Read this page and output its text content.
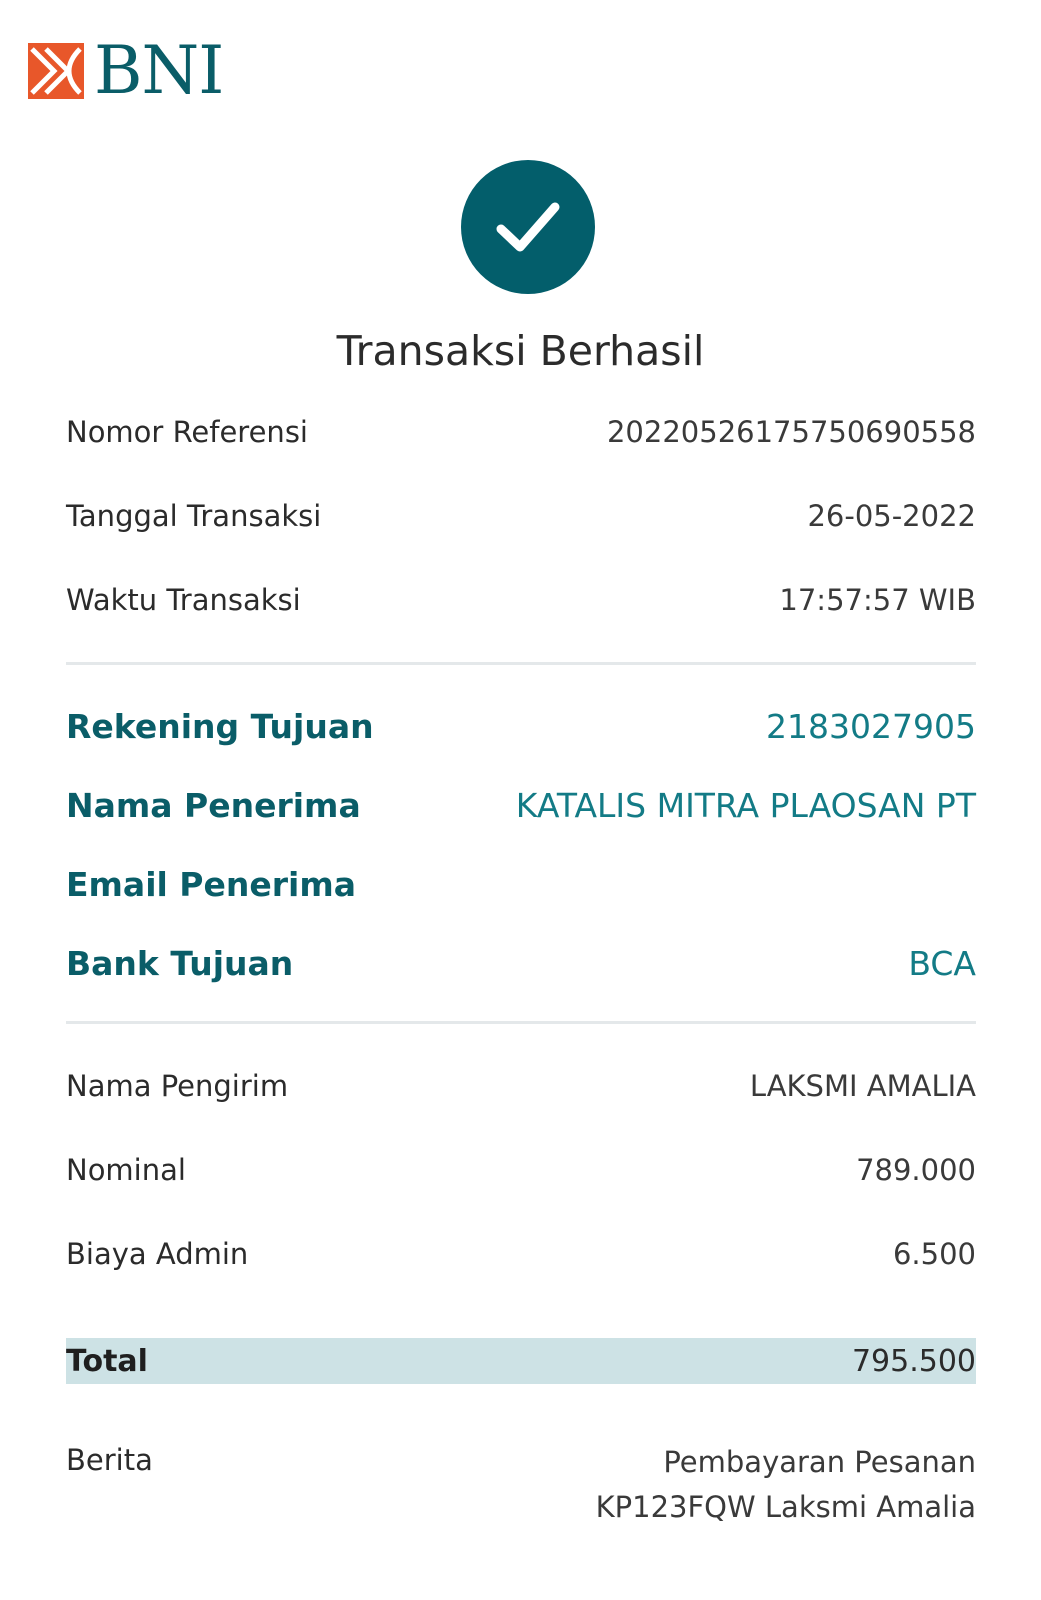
BNI
Transaksi Berhasil
Nomor Referensi	20220526175750690558
Tanggal Transaksi	26-05-2022
Waktu Transaksi	17:57:57 WIB
Rekening Tujuan	2183027905
Nama Penerima	KATALIS MITRA PLAOSAN PT
Email Penerima
Bank Tujuan	BCA
Nama Pengirim	LAKSMI AMALIA
Nominal	789.000
Biaya Admin	6.500
Total	795.500
Berita	Pembayaran Pesanan
KP123FQW Laksmi Amalia
